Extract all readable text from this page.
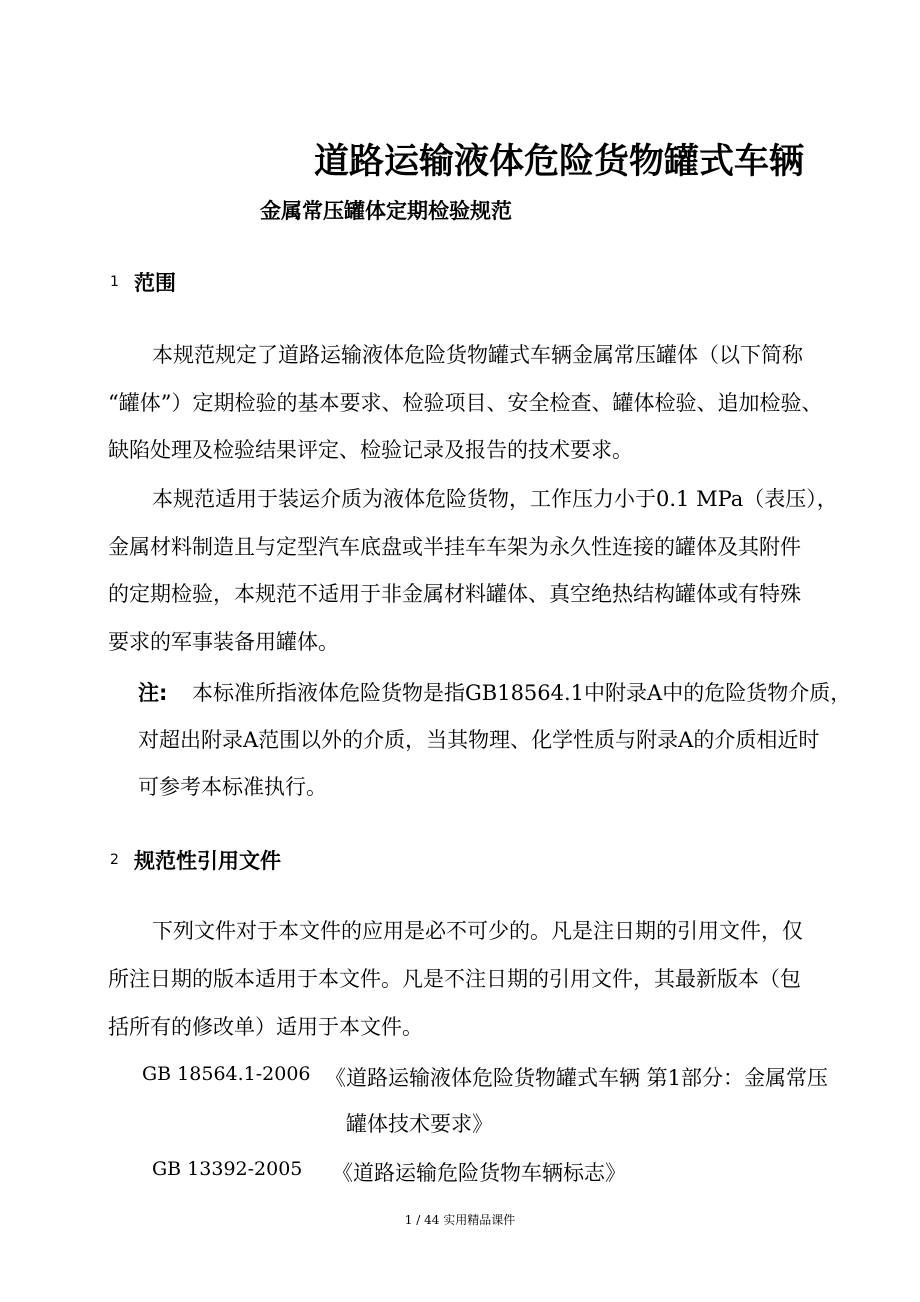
道路运输液体危险货物罐式车辆
金属常压罐体定期检验规范
1 范围
本规范规定了道路运输液体危险货物罐式车辆金属常压罐体（以下简称
“罐体”）定期检验的基本要求、检验项目、安全检查、罐体检验、追加检验、
缺陷处理及检验结果评定、检验记录及报告的技术要求。
本规范适用于装运介质为液体危险货物，工作压力小于0.1 MPa（表压），
金属材料制造且与定型汽车底盘或半挂车车架为永久性连接的罐体及其附件
的定期检验，本规范不适用于非金属材料罐体、真空绝热结构罐体或有特殊
要求的军事装备用罐体。
注: 本标准所指液体危险货物是指GB18564.1中附录A中的危险货物介质，
对超出附录A范围以外的介质，当其物理、化学性质与附录A的介质相近时
可参考本标准执行。
2 规范性引用文件
下列文件对于本文件的应用是必不可少的。凡是注日期的引用文件，仅
所注日期的版本适用于本文件。凡是不注日期的引用文件，其最新版本（包
括所有的修改单）适用于本文件。
GB 18564.1-2006 《道路运输液体危险货物罐式车辆 第1部分：金属常压
罐体技术要求》
GB 13392-2005 《道路运输危险货物车辆标志》
1 / 44 实用精品课件
